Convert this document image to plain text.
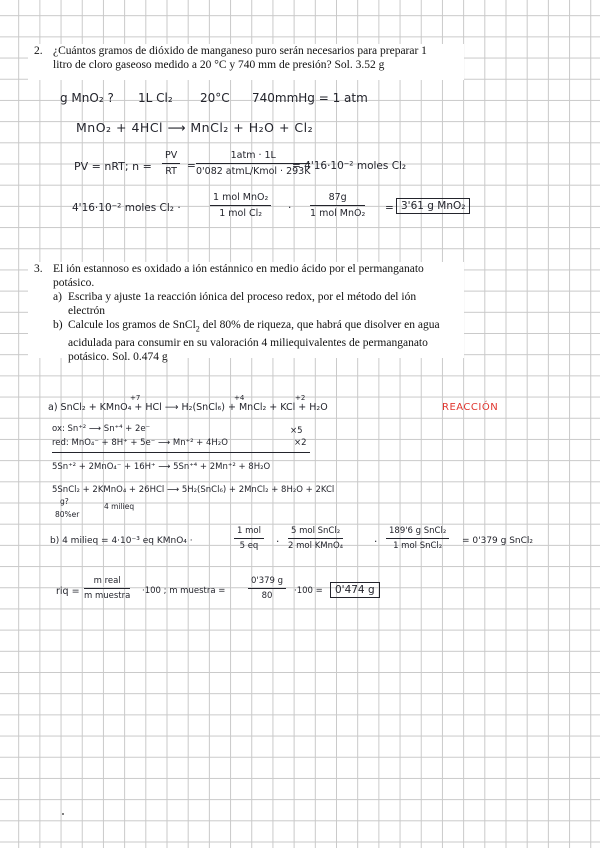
2. ¿Cuántos gramos de dióxido de manganeso puro serán necesarios para preparar 1

litro de cloro gaseoso medido a 20 °C y 740 mm de presión? Sol. 3.52 g

g MnO₂ ? 1L Cl₂ 20°C 740mmHg = 1 atm
MnO₂ + 4HCl ⟶ MnCl₂ + H₂O + Cl₂
PV = nRT; $n = \frac{PV}{RT}$ =
1atm · 1L
0'082 atmL/Kmol · 293K
= 4'16·10⁻² moles Cl₂
4'16·10⁻² moles Cl₂ ·
1 mol MnO₂
1 mol Cl₂	·
87g
1 mol MnO₂ = 3'61 g MnO₂
3. El ión estannoso es oxidado a ión estánnico en medio ácido por el permanganato

potásico.

a) Escriba y ajuste 1a reacción iónica del proceso redox, por el método del ión

electrón

b) Calcule los gramos de SnCl$_2$ del 80% de riqueza, que habrá que disolver en agua

acidulada para consumir en su valoración 4 miliequivalentes de permanganato

potásico. Sol. 0.474 g

+7	+4	+2
a) SnCl₂ + KMnO₄ + HCl ⟶ H₂(SnCl₆) + MnCl₂ + KCl + H₂O	REACCIÓN
ox: Sn⁺² ⟶ Sn⁺⁴ + 2e⁻	×5
red: MnO₄⁻ + 8H⁺ + 5e⁻ ⟶ Mn⁺² + 4H₂O	×2
5Sn⁺² + 2MnO₄⁻ + 16H⁺ ⟶ 5Sn⁺⁴ + 2Mn⁺² + 8H₂O
5SnCl₂ + 2KMnO₄ + 26HCl ⟶ 5H₂(SnCl₆) + 2MnCl₂ + 8H₂O + 2KCl
g?
80%er
4 milieq
b) 4 milieq = 4·10⁻³ eq KMnO₄ ·
1 mol
5 eq	·
5 mol SnCl₂
2 mol KMnO₄	·
189'6 g SnCl₂
1 mol SnCl₂	= 0'379 g SnCl₂
riq =
m real
m muestra ·100 ; m muestra =	$\frac{0'379 g}{80} \cdot 100$ =	0'474 g
